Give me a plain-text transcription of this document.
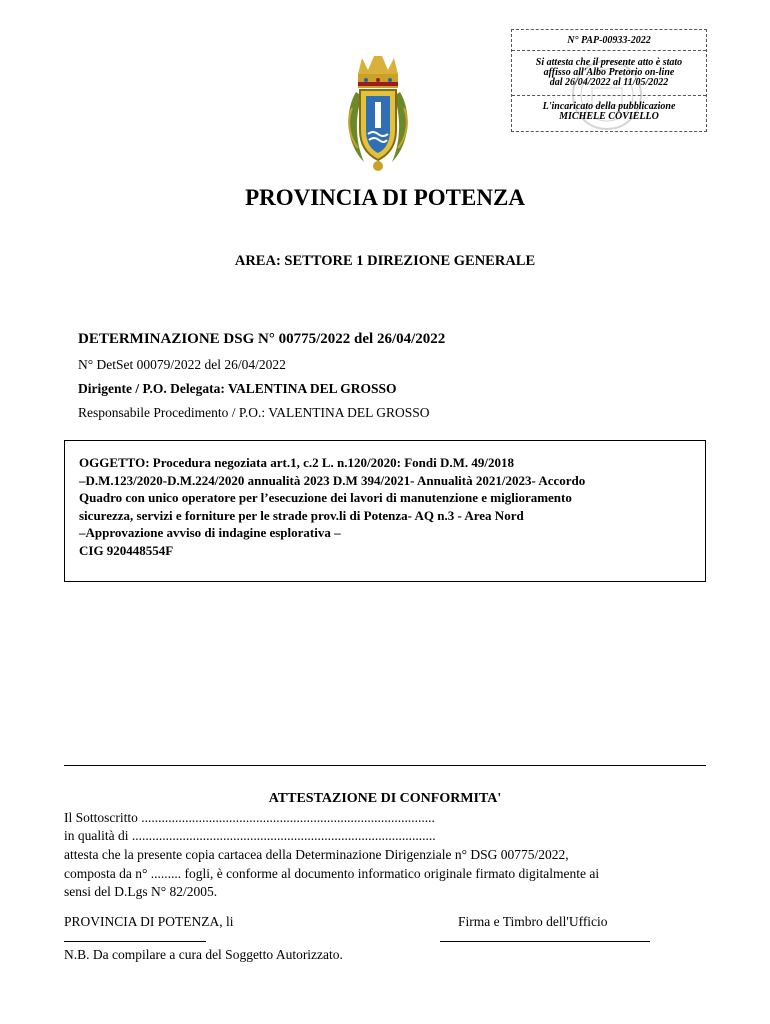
N° PAP-00933-2022
Si attesta che il presente atto è stato
affisso all'Albo Pretorio on-line
dal 26/04/2022 al 11/05/2022
L'incaricato della pubblicazione
MICHELE COVIELLO
PROVINCIA DI POTENZA
AREA: SETTORE 1 DIREZIONE GENERALE
DETERMINAZIONE DSG N° 00775/2022 del 26/04/2022
N° DetSet 00079/2022 del 26/04/2022
Dirigente / P.O. Delegata: VALENTINA DEL GROSSO
Responsabile Procedimento / P.O.: VALENTINA DEL GROSSO
OGGETTO: Procedura negoziata art.1, c.2 L. n.120/2020: Fondi D.M. 49/2018
–D.M.123/2020-D.M.224/2020 annualità 2023 D.M 394/2021- Annualità 2021/2023- Accordo
Quadro con unico operatore per l’esecuzione dei lavori di manutenzione e miglioramento
sicurezza, servizi e forniture per le strade prov.li di Potenza- AQ n.3 - Area Nord
–Approvazione avviso di indagine esplorativa –
CIG 920448554F
ATTESTAZIONE DI CONFORMITA'
Il Sottoscritto .......................................................................................
in qualità di ..........................................................................................
attesta che la presente copia cartacea della Determinazione Dirigenziale n° DSG 00775/2022,
composta da n° ......... fogli, è conforme al documento informatico originale firmato digitalmente ai
sensi del D.Lgs N° 82/2005.
PROVINCIA DI POTENZA, li	Firma e Timbro dell'Ufficio
N.B. Da compilare a cura del Soggetto Autorizzato.
